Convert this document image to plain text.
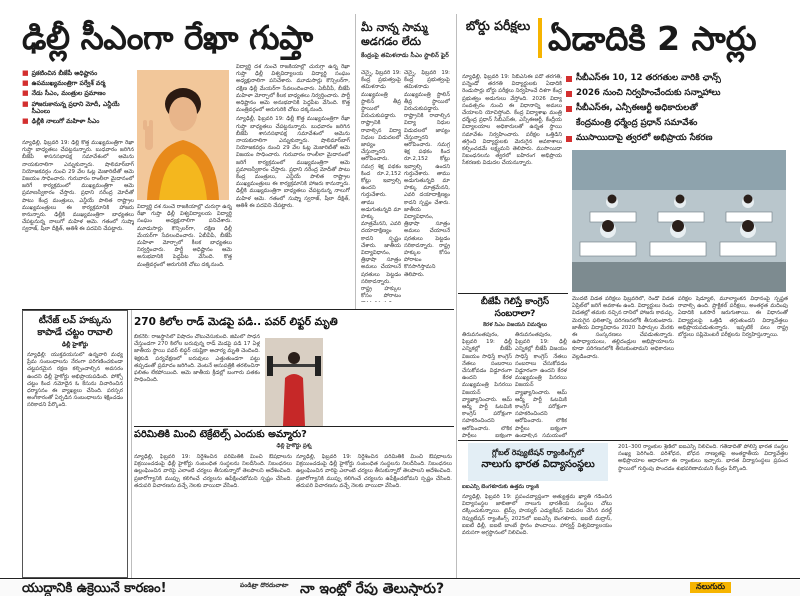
ఢిల్లీ సీఎంగా రేఖా గుప్తా
■ ప్రకటించిన బీజేపీ అధిష్టానం
■ ఉపముఖ్యమంత్రిగా పర్వేశ్ వర్మ
■ నేడు సీఎం, మంత్రుల ప్రమాణం
■ హాజరుకానున్న ప్రధాని మోదీ, ఎన్డీయే సీఎంలు
■ ఢిల్లీకి నాలుగో మహిళా సీఎం
న్యూఢిల్లీ, ఫిబ్రవరి 19: ఢిల్లీ కొత్త ముఖ్యమంత్రిగా రేఖా గుప్తా బాధ్యతలు చేపట్టనున్నారు. బుధవారం జరిగిన బీజేపీ శాసనసభాపక్ష సమావేశంలో ఆమెను నాయకురాలిగా ఎన్నుకున్నారు. షాలిమార్‌బాగ్ నియోజకవర్గం నుంచి 29 వేల ఓట్ల మెజారిటీతో ఆమె విజయం సాధించారు. గురువారం రాంలీలా మైదానంలో జరిగే కార్యక్రమంలో ముఖ్యమంత్రిగా ఆమె ప్రమాణస్వీకారం చేస్తారు. ప్రధాని నరేంద్ర మోదీతో పాటు కేంద్ర మంత్రులు, ఎన్డీయే పాలిత రాష్ట్రాల ముఖ్యమంత్రులు ఈ కార్యక్రమానికి హాజరు కానున్నారు. ఢిల్లీకి ముఖ్యమంత్రిగా బాధ్యతలు చేపట్టనున్న నాలుగో మహిళ ఆమె. గతంలో సుష్మా స్వరాజ్, షీలా దీక్షిత్, ఆతిశీ ఈ పదవిని చేపట్టారు.
విద్యార్థి దశ నుంచే రాజకీయాల్లో చురుగ్గా ఉన్న రేఖా గుప్తా ఢిల్లీ విశ్వవిద్యాలయ విద్యార్థి సంఘం అధ్యక్షురాలిగా పనిచేశారు. మూడుసార్లు కౌన్సిలర్‌గా, దక్షిణ ఢిల్లీ మేయర్‌గా సేవలందించారు. ఏబీవీపీ, బీజేపీ మహిళా మోర్చాలో కీలక బాధ్యతలు నిర్వర్తించారు. పార్టీ అధిష్టానం ఆమె అనుభవానికి పెద్దపీట వేసింది. కొత్త మంత్రివర్గంలో ఆరుగురికి చోటు దక్కనుంది.

విద్యార్థి దశ నుంచే రాజకీయాల్లో చురుగ్గా ఉన్న రేఖా గుప్తా ఢిల్లీ విశ్వవిద్యాలయ విద్యార్థి సంఘం అధ్యక్షురాలిగా పనిచేశారు. మూడుసార్లు కౌన్సిలర్‌గా, దక్షిణ ఢిల్లీ మేయర్‌గా సేవలందించారు. ఏబీవీపీ, బీజేపీ మహిళా మోర్చాలో కీలక బాధ్యతలు నిర్వర్తించారు. పార్టీ అధిష్టానం ఆమె అనుభవానికి పెద్దపీట వేసింది. కొత్త మంత్రివర్గంలో ఆరుగురికి చోటు దక్కనుంది.

న్యూఢిల్లీ, ఫిబ్రవరి 19: ఢిల్లీ కొత్త ముఖ్యమంత్రిగా రేఖా గుప్తా బాధ్యతలు చేపట్టనున్నారు. బుధవారం జరిగిన బీజేపీ శాసనసభాపక్ష సమావేశంలో ఆమెను నాయకురాలిగా ఎన్నుకున్నారు. షాలిమార్‌బాగ్ నియోజకవర్గం నుంచి 29 వేల ఓట్ల మెజారిటీతో ఆమె విజయం సాధించారు. గురువారం రాంలీలా మైదానంలో జరిగే కార్యక్రమంలో ముఖ్యమంత్రిగా ఆమె ప్రమాణస్వీకారం చేస్తారు. ప్రధాని నరేంద్ర మోదీతో పాటు కేంద్ర మంత్రులు, ఎన్డీయే పాలిత రాష్ట్రాల ముఖ్యమంత్రులు ఈ కార్యక్రమానికి హాజరు కానున్నారు. ఢిల్లీకి ముఖ్యమంత్రిగా బాధ్యతలు చేపట్టనున్న నాలుగో మహిళ ఆమె. గతంలో సుష్మా స్వరాజ్, షీలా దీక్షిత్, ఆతిశీ ఈ పదవిని చేపట్టారు.

మీ నాన్న సామ్మ అడగడం లేదు
కేంద్రంపై తమిళనాడు సీఎం స్టాలిన్ ఫైర్
చెన్నై, ఫిబ్రవరి 19: కేంద్ర ప్రభుత్వంపై తమిళనాడు ముఖ్యమంత్రి స్టాలిన్ తీవ్ర స్థాయిలో విరుచుకుపడ్డారు. రాష్ట్రానికి రావాల్సిన విద్యా నిధుల విడుదలలో జాప్యం చేస్తున్నారని ఆరోపించారు. సమగ్ర శిక్ష పథకం కింద రూ.2,152 కోట్లు ఇవ్వాల్సి ఉందని గుర్తుచేశారు. తాము అడుగుతున్నది మా హక్కు మాత్రమేనని, ఎవరి దయాదాక్షిణ్యం కాదని స్పష్టం చేశారు. జాతీయ విద్యావిధానం, త్రిభాషా సూత్రం అమలు చేయాలనే షరతులు పెట్టడం సరికాదన్నారు. రాష్ట్ర హక్కుల కోసం పోరాటం
చెన్నై, ఫిబ్రవరి 19: కేంద్ర ప్రభుత్వంపై తమిళనాడు ముఖ్యమంత్రి స్టాలిన్ తీవ్ర స్థాయిలో విరుచుకుపడ్డారు. రాష్ట్రానికి రావాల్సిన విద్యా నిధుల విడుదలలో జాప్యం చేస్తున్నారని ఆరోపించారు. సమగ్ర శిక్ష పథకం కింద రూ.2,152 కోట్లు ఇవ్వాల్సి ఉందని గుర్తుచేశారు. తాము అడుగుతున్నది మా హక్కు మాత్రమేనని, ఎవరి దయాదాక్షిణ్యం కాదని స్పష్టం చేశారు. జాతీయ విద్యావిధానం, త్రిభాషా సూత్రం అమలు చేయాలనే షరతులు పెట్టడం సరికాదన్నారు. రాష్ట్ర హక్కుల కోసం పోరాటం కొనసాగిస్తామని తెలిపారు.
బోర్డు పరీక్షలు ఏడాదికి 2 సార్లు
న్యూఢిల్లీ, ఫిబ్రవరి 19: సీబీఎస్ఈ పదో తరగతి, పన్నెండో తరగతి విద్యార్థులకు ఏడాదికి రెండుసార్లు బోర్డు పరీక్షలు నిర్వహించే దిశగా కేంద్ర ప్రభుత్వం అడుగులు వేస్తోంది. 2026 విద్యా సంవత్సరం నుంచి ఈ విధానాన్ని అమలు చేయాలని యోచిస్తోంది. కేంద్ర విద్యాశాఖ మంత్రి ధర్మేంద్ర ప్రధాన్ సీబీఎస్ఈ, ఎన్సీఈఆర్టీ, కేంద్రీయ విద్యాలయాల అధికారులతో ఉన్నత స్థాయి సమావేశం నిర్వహించారు. పరీక్షల ఒత్తిడిని తగ్గించి విద్యార్థులకు మెరుగైన అవకాశాలు కల్పించడమే లక్ష్యమని తెలిపారు. ముసాయిదా నిబంధనలను త్వరలో బహిరంగ అభిప్రాయ సేకరణకు విడుదల చేయనున్నారు.
సీబీఎస్ఈ 10, 12 తరగతుల వారికి ఛాన్స్
2026 నుంచి నిర్వహించేందుకు సన్నాహాలు
సీబీఎస్ఈ, ఎన్సీఈఆర్టీ అధికారులతో
కేంద్రమంత్రి ధర్మేంద్ర ప్రధాన్ సమావేశం
ముసాయిదాపై త్వరలో అభిప్రాయ సేకరణ
మొదటి విడత పరీక్షలు ఫిబ్రవరిలో, రెండో విడత ఏప్రిల్‌లో జరిగే అవకాశం ఉంది. విద్యార్థులు రెండు విడతల్లో తమకు నచ్చిన దానిలో హాజరు కావచ్చు. మెరుగైన ఫలితాన్ని పరిగణనలోకి తీసుకుంటారు. జాతీయ విద్యావిధానం 2020 సిఫార్సుల మేరకు ఈ సంస్కరణలు చేపడుతున్నారు. ఉపాధ్యాయులు, తల్లిదండ్రుల అభిప్రాయాలను కూడా పరిగణనలోకి తీసుకుంటామని అధికారులు వెల్లడించారు.
పరీక్షల షెడ్యూల్, మూల్యాంకన విధానంపై స్పష్టత రావాల్సి ఉంది. ప్రాక్టికల్ పరీక్షలు, అంతర్గత మదింపు ఏడాదికి ఒకసారే జరుగుతాయి. ఈ విధానంతో విద్యార్థులపై ఒత్తిడి తగ్గుతుందని విద్యావేత్తలు అభిప్రాయపడుతున్నారు. ఇప్పటికే పలు రాష్ట్ర బోర్డులు సప్లిమెంటరీ పరీక్షలను నిర్వహిస్తున్నాయి.
బీజేపీ గెలిస్తే కాంగ్రెస్ సంబరాలా?
కేరళ సీఎం విజయన్ విమర్శలు
తిరువనంతపురం, ఫిబ్రవరి 19: ఢిల్లీ ఎన్నికల్లో బీజేపీ విజయం సాధిస్తే కాంగ్రెస్ నేతలు సంబరాలు చేసుకోవడం విడ్డూరంగా ఉందని కేరళ ముఖ్యమంత్రి పినరయి విజయన్ వ్యాఖ్యానించారు. ఆమ్ ఆద్మీ పార్టీ ఓటమికి కాంగ్రెస్ పరోక్షంగా సహకరించిందని ఆరోపించారు. లౌకిక పార్టీలు ఐక్యంగా
తిరువనంతపురం, ఫిబ్రవరి 19: ఢిల్లీ ఎన్నికల్లో బీజేపీ విజయం సాధిస్తే కాంగ్రెస్ నేతలు సంబరాలు చేసుకోవడం విడ్డూరంగా ఉందని కేరళ ముఖ్యమంత్రి పినరయి విజయన్ వ్యాఖ్యానించారు. ఆమ్ ఆద్మీ పార్టీ ఓటమికి కాంగ్రెస్ పరోక్షంగా సహకరించిందని ఆరోపించారు. లౌకిక పార్టీలు ఐక్యంగా ఉండాల్సిన సమయంలో
టీనేజ్ లవ్ హక్కును కాపాడే చట్టం రావాలి
ఢిల్లీ హైకోర్టు
న్యూఢిల్లీ: యుక్తవయసులో ఉన్నవారి మధ్య ప్రేమ సంబంధాలను నేరంగా పరిగణించకుండా చట్టపరమైన రక్షణ కల్పించాల్సిన అవసరం ఉందని ఢిల్లీ హైకోర్టు అభిప్రాయపడింది. పోక్సో చట్టం కింద నమోదైన ఓ కేసును విచారించిన ధర్మాసనం ఈ వ్యాఖ్యలు చేసింది. పరస్పర అంగీకారంతో ఏర్పడిన సంబంధాలను శిక్షించడం సరికాదని పేర్కొంది.
270 కిలోల రాడ్ మెడపై పడి.. పవర్ లిఫ్టర్ మృతి
బికనేర్: రాజస్థాన్‌లో విషాదం చోటుచేసుకుంది. జిమ్‌లో సాధన చేస్తుండగా 270 కిలోల బరువున్న రాడ్ మెడపై పడి 17 ఏళ్ల జాతీయ స్థాయి పవర్ లిఫ్టర్ యష్టికా ఆచార్య మృతి చెందింది. శిక్షకుడి పర్యవేక్షణలో బరువులు ఎత్తుతుండగా పట్టు తప్పడంతో ప్రమాదం జరిగింది. వెంటనే ఆసుపత్రికి తరలించినా ఫలితం లేకపోయింది. ఆమె జాతీయ క్రీడల్లో బంగారు పతకం సాధించింది.
పరిమితికి మించి టెక్రేటెల్స్ ఎందుకు అమ్మారు?
ఢిల్లీ హైకోర్టు ప్రశ్న
న్యూఢిల్లీ, ఫిబ్రవరి 19: నిర్దేశించిన పరిమితికి మించి ఔషధాలను విక్రయించడంపై ఢిల్లీ హైకోర్టు సంబంధిత సంస్థలను నిలదీసింది. నిబంధనలు ఉల్లంఘించిన వారిపై ఎలాంటి చర్యలు తీసుకున్నారో తెలపాలని ఆదేశించింది. ప్రజారోగ్యానికి ముప్పు కలిగించే చర్యలను ఉపేక్షించబోమని స్పష్టం చేసింది. తదుపరి విచారణను వచ్చే నెలకు వాయిదా వేసింది.
న్యూఢిల్లీ, ఫిబ్రవరి 19: నిర్దేశించిన పరిమితికి మించి ఔషధాలను విక్రయించడంపై ఢిల్లీ హైకోర్టు సంబంధిత సంస్థలను నిలదీసింది. నిబంధనలు ఉల్లంఘించిన వారిపై ఎలాంటి చర్యలు తీసుకున్నారో తెలపాలని ఆదేశించింది. ప్రజారోగ్యానికి ముప్పు కలిగించే చర్యలను ఉపేక్షించబోమని స్పష్టం చేసింది. తదుపరి విచారణను వచ్చే నెలకు వాయిదా వేసింది.
గ్లోబల్ రెప్యుటేషన్ ర్యాంకింగ్స్‌లో
నాలుగు భారత విద్యాసంస్థలు
ఐఐఎస్సీ బెంగళూరుకు ఉత్తమ ర్యాంక్
న్యూఢిల్లీ, ఫిబ్రవరి 19: ప్రపంచవ్యాప్తంగా అత్యుత్తమ ఖ్యాతి గడించిన విద్యాసంస్థల జాబితాలో నాలుగు భారతీయ సంస్థలు చోటు దక్కించుకున్నాయి. టైమ్స్ హయ్యర్ ఎడ్యుకేషన్ విడుదల చేసిన వరల్డ్ రెప్యుటేషన్ ర్యాంకింగ్స్ 2025లో ఐఐఎస్సీ బెంగళూరు, ఐఐటీ మద్రాస్, ఐఐటీ ఢిల్లీ, ఐఐటీ బాంబే స్థానం పొందాయి. హార్వర్డ్ విశ్వవిద్యాలయం వరుసగా అగ్రస్థానంలో నిలిచింది.
201–300 ర్యాంకుల శ్రేణిలో ఐఐఎస్సీ నిలిచింది. గతేడాదితో పోలిస్తే భారత సంస్థల సంఖ్య పెరిగింది. పరిశోధన, బోధన నాణ్యతపై అంతర్జాతీయ విద్యావేత్తల అభిప్రాయాల ఆధారంగా ఈ ర్యాంకులు ఇచ్చారు. భారత విద్యాసంస్థలు ప్రపంచ స్థాయిలో గుర్తింపు పొందడం శుభపరిణామమని కేంద్రం పేర్కొంది.
యుద్ధానికి ఉక్రెయినే కారణం!	పండిట్రా దొరదుచాటా నా ఇంట్లో రేపు తెలుస్తారు?	నలుగురు
